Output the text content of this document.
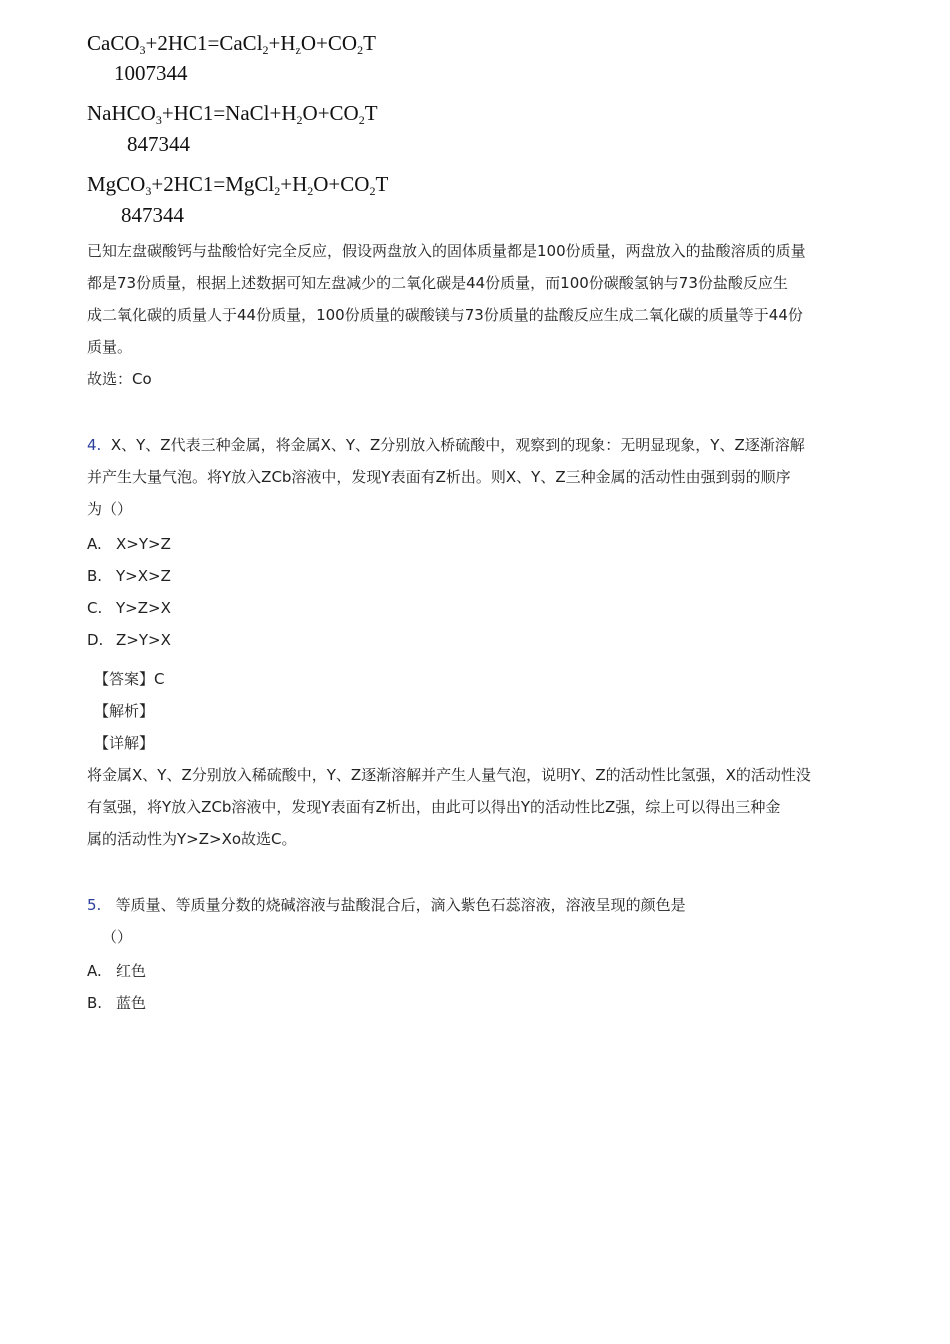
$CaCO_3+2HC1=CaCl_2+H_zO+CO_2T$
1007344
$NaHCO_3+HC1=NaCl+H_2O+CO_2T$
847344
$MgCO_3+2HC1=MgCl_2+H_2O+CO_2T$
847344
已知左盘碳酸钙与盐酸恰好完全反应，假设两盘放入的固体质量都是100份质量，两盘放入的盐酸溶质的质量
都是73份质量，根据上述数据可知左盘减少的二氧化碳是44份质量，而100份碳酸氢钠与73份盐酸反应生
成二氧化碳的质量人于44份质量，100份质量的碳酸镁与73份质量的盐酸反应生成二氧化碳的质量等于44份
质量。
故选：Co
4. X、Y、Z代表三种金属，将金属X、Y、Z分别放入桥硫酸中，观察到的现象：无明显现象，Y、Z逐渐溶解
并产生大量气泡。将Y放入ZCb溶液中，发现Y表面有Z析出。则X、Y、Z三种金属的活动性由强到弱的顺序
为（）
A. X>Y>Z
B. Y>X>Z
C. Y>Z>X
D. Z>Y>X
【答案】C
【解析】
【详解】
将金属X、Y、Z分别放入稀硫酸中，Y、Z逐渐溶解并产生人量气泡，说明Y、Z的活动性比氢强，X的活动性没
有氢强，将Y放入ZCb溶液中，发现Y表面有Z析出，由此可以得出Y的活动性比Z强，综上可以得出三种金
属的活动性为Y>Z>Xo故选C。
5. 等质量、等质量分数的烧碱溶液与盐酸混合后，滴入紫色石蕊溶液，溶液呈现的颜色是
（）
A. 红色
B. 蓝色
